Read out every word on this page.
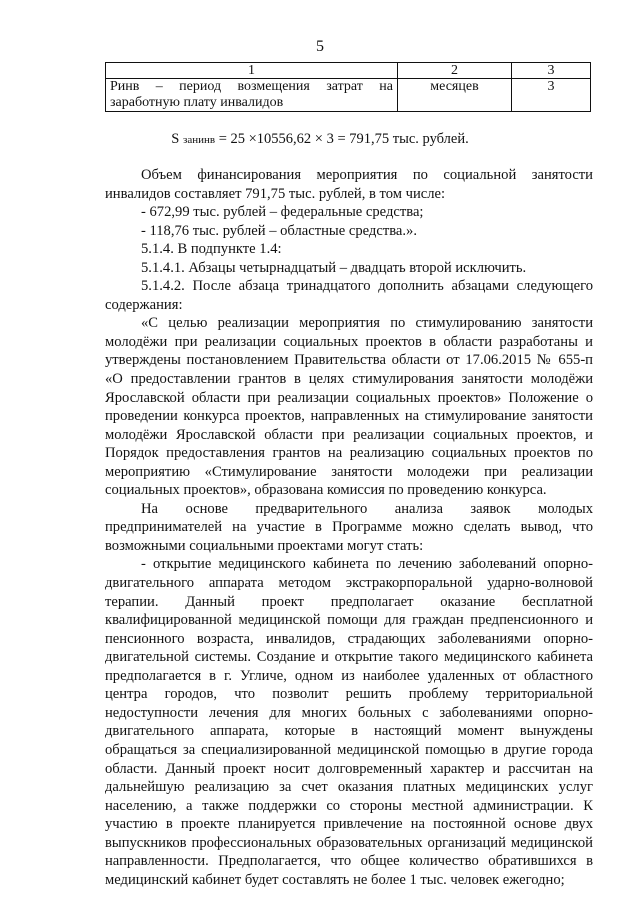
5
1	2	3
Pинв – период возмещения затрат на заработную плату инвалидов	месяцев	3
S занинв = 25 ×10556,62 × 3 = 791,75 тыс. рублей.

Объем финансирования мероприятия по социальной занятости инвалидов составляет 791,75 тыс. рублей, в том числе:

- 672,99 тыс. рублей – федеральные средства;

- 118,76 тыс. рублей – областные средства.».

5.1.4. В подпункте 1.4:

5.1.4.1. Абзацы четырнадцатый – двадцать второй исключить.

5.1.4.2. После абзаца тринадцатого дополнить абзацами следующего содержания:

«С целью реализации мероприятия по стимулированию занятости молодёжи при реализации социальных проектов в области разработаны и утверждены постановлением Правительства области от 17.06.2015 № 655-п «О предоставлении грантов в целях стимулирования занятости молодёжи Ярославской области при реализации социальных проектов» Положение о проведении конкурса проектов, направленных на стимулирование занятости молодёжи Ярославской области при реализации социальных проектов, и Порядок предоставления грантов на реализацию социальных проектов по мероприятию «Стимулирование занятости молодежи при реализации социальных проектов», образована комиссия по проведению конкурса.

На основе предварительного анализа заявок молодых предпринимателей на участие в Программе можно сделать вывод, что возможными социальными проектами могут стать:

- открытие медицинского кабинета по лечению заболеваний опорно-двигательного аппарата методом экстракорпоральной ударно-волновой терапии. Данный проект предполагает оказание бесплатной квалифицированной медицинской помощи для граждан предпенсионного и пенсионного возраста, инвалидов, страдающих заболеваниями опорно-двигательной системы. Создание и открытие такого медицинского кабинета предполагается в г. Угличе, одном из наиболее удаленных от областного центра городов, что позволит решить проблему территориальной недоступности лечения для многих больных с заболеваниями опорно-двигательного аппарата, которые в настоящий момент вынуждены обращаться за специализированной медицинской помощью в другие города области. Данный проект носит долговременный характер и рассчитан на дальнейшую реализацию за счет оказания платных медицинских услуг населению, а также поддержки со стороны местной администрации. К участию в проекте планируется привлечение на постоянной основе двух выпускников профессиональных образовательных организаций медицинской направленности. Предполагается, что общее количество обратившихся в медицинский кабинет будет составлять не более 1 тыс. человек ежегодно;
